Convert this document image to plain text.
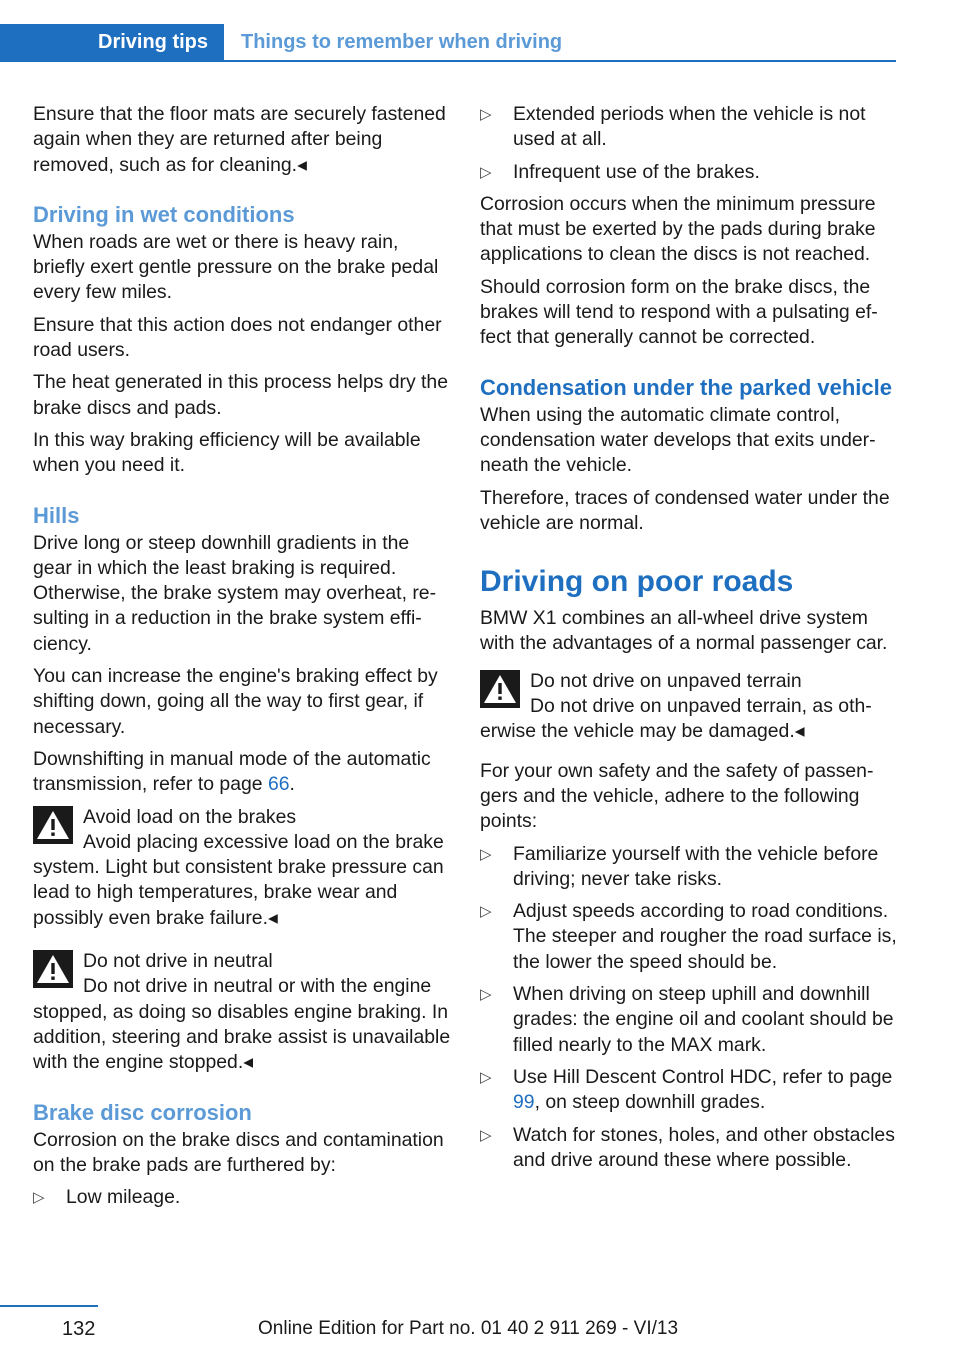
Driving tips	Things to remember when driving

Ensure that the floor mats are securely fastened again when they are returned after being removed, such as for cleaning.◂

Driving in wet conditions

When roads are wet or there is heavy rain, briefly exert gentle pressure on the brake pedal every few miles.

Ensure that this action does not endanger other road users.

The heat generated in this process helps dry the brake discs and pads.

In this way braking efficiency will be available when you need it.

Hills

Drive long or steep downhill gradients in the gear in which the least braking is required. Otherwise, the brake system may overheat, resulting in a reduction in the brake system efficiency.

You can increase the engine's braking effect by shifting down, going all the way to first gear, if necessary.

Downshifting in manual mode of the automatic transmission, refer to page 66.

Avoid load on the brakes
Avoid placing excessive load on the brake system. Light but consistent brake pressure can lead to high temperatures, brake wear and possibly even brake failure.◂
Do not drive in neutral
Do not drive in neutral or with the engine stopped, as doing so disables engine braking. In addition, steering and brake assist is unavailable with the engine stopped.◂
Brake disc corrosion

Corrosion on the brake discs and contamination on the brake pads are furthered by:

▷	Low mileage.
▷	Extended periods when the vehicle is not used at all.
▷	Infrequent use of the brakes.

Corrosion occurs when the minimum pressure that must be exerted by the pads during brake applications to clean the discs is not reached.

Should corrosion form on the brake discs, the brakes will tend to respond with a pulsating effect that generally cannot be corrected.

Condensation under the parked vehicle

When using the automatic climate control, condensation water develops that exits underneath the vehicle.

Therefore, traces of condensed water under the vehicle are normal.

Driving on poor roads

BMW X1 combines an all-wheel drive system with the advantages of a normal passenger car.

Do not drive on unpaved terrain
Do not drive on unpaved terrain, as otherwise the vehicle may be damaged.◂

For your own safety and the safety of passengers and the vehicle, adhere to the following points:

▷	Familiarize yourself with the vehicle before driving; never take risks.
▷	Adjust speeds according to road conditions. The steeper and rougher the road surface is, the lower the speed should be.
▷	When driving on steep uphill and downhill grades: the engine oil and coolant should be filled nearly to the MAX mark.
▷	Use Hill Descent Control HDC, refer to page 99, on steep downhill grades.
▷	Watch for stones, holes, and other obstacles and drive around these where possible.
132	Online Edition for Part no. 01 40 2 911 269 - VI/13
